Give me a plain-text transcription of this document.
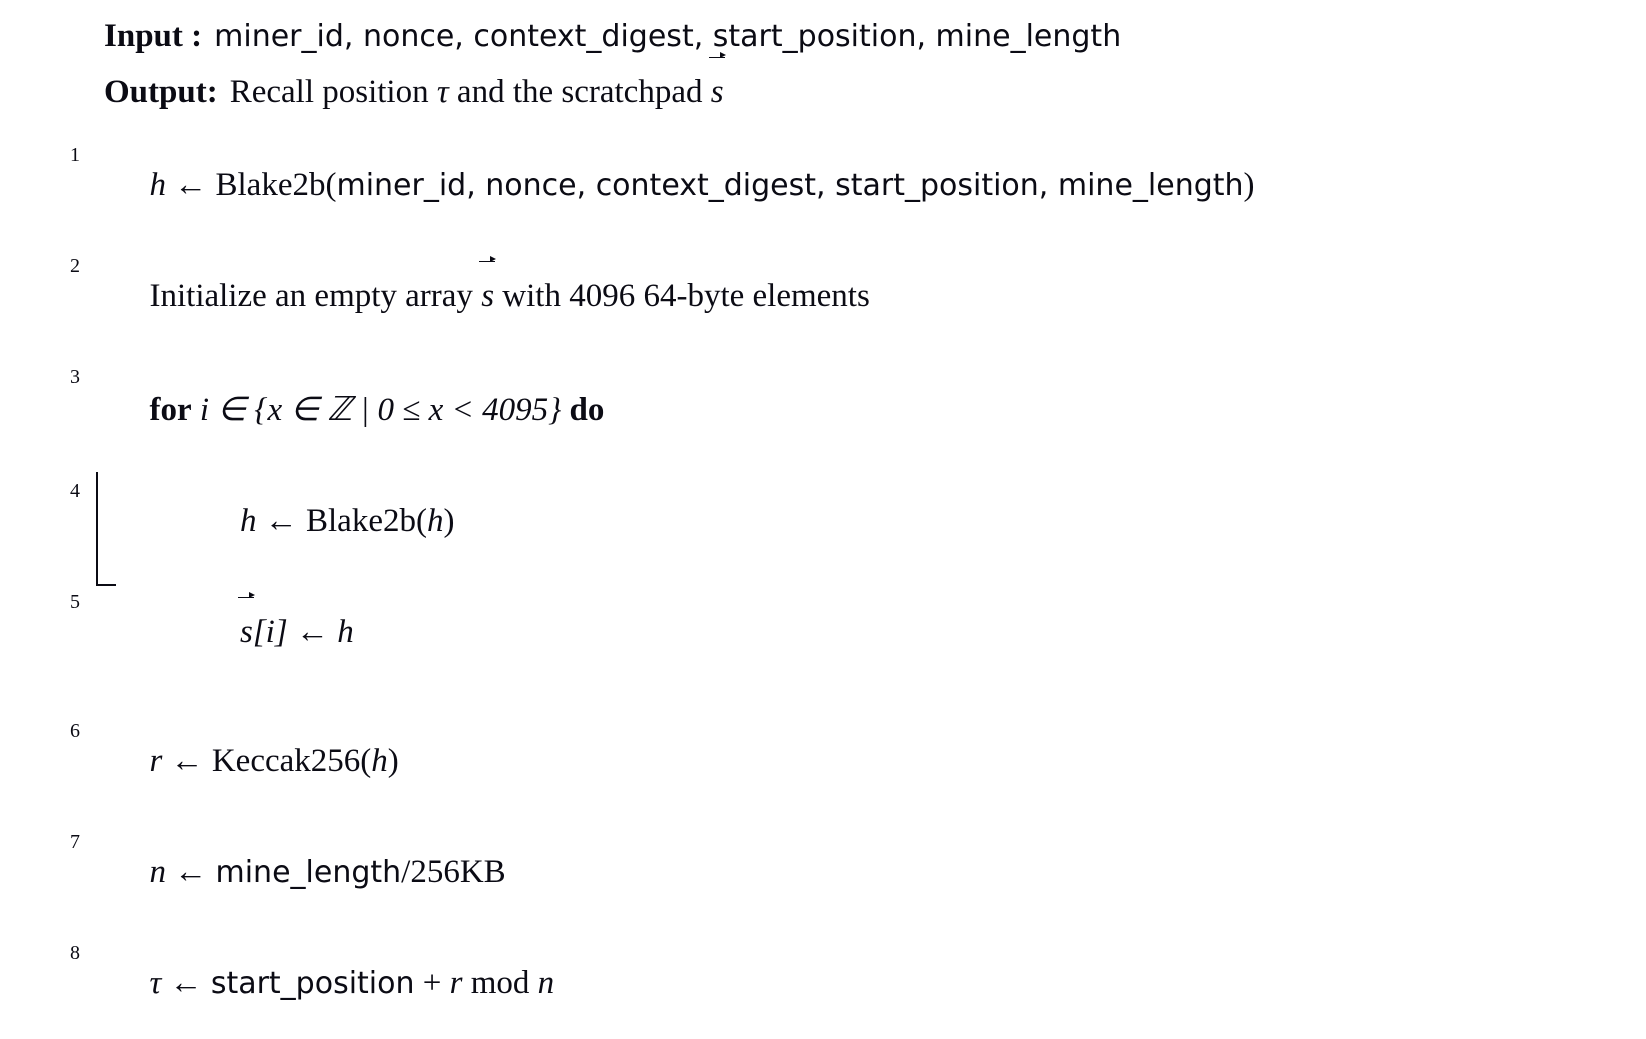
Input : miner_id, nonce, context_digest, start_position, mine_length
Output : Recall position τ and the scratchpad s
1

h ← Blake2b(miner_id, nonce, context_digest, start_position, mine_length)

2

Initialize an empty array s with 4096 64-byte elements

3

for i ∈ {x ∈ ℤ | 0 ≤ x < 4095} do

4

h ← Blake2b(h)

5

s[i] ← h

6

r ← Keccak256(h)

7

n ← mine_length/256KB

8

τ ← start_position + r mod n
